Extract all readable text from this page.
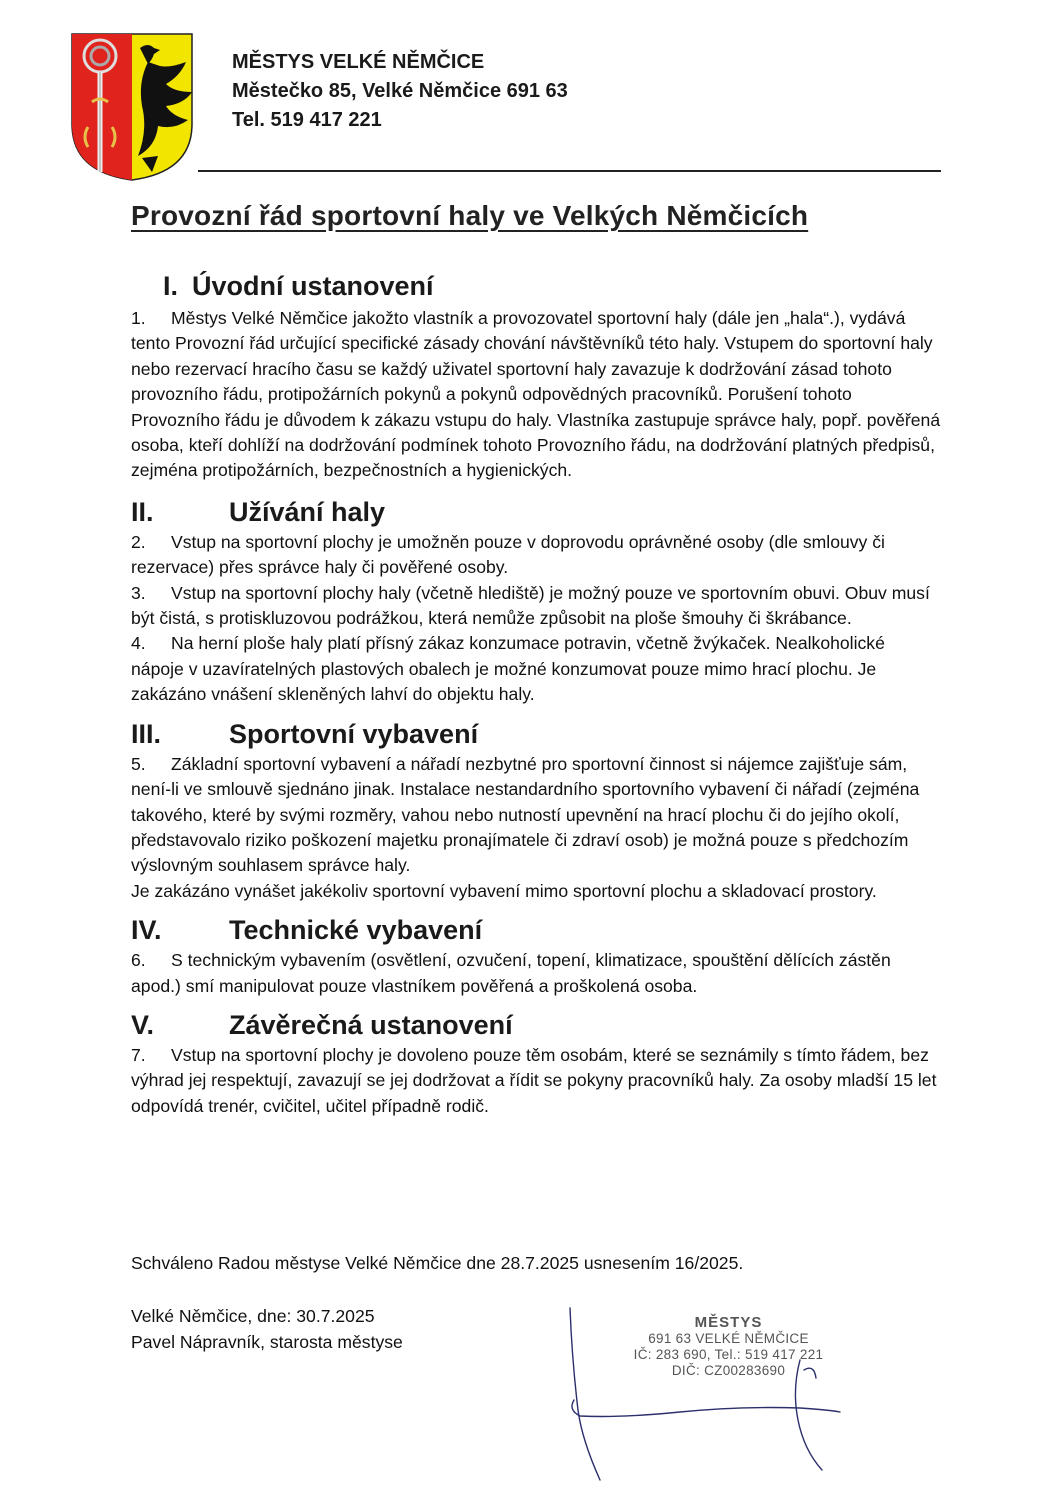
MĚSTYS VELKÉ NĚMČICE
Městečko 85, Velké Němčice 691 63
Tel. 519 417 221
Provozní řád sportovní haly ve Velkých Němčicích
I. Úvodní ustanovení

1. Městys Velké Němčice jakožto vlastník a provozovatel sportovní haly (dále jen „hala“.), vydává tento Provozní řád určující specifické zásady chování návštěvníků této haly. Vstupem do sportovní haly nebo rezervací hracího času se každý uživatel sportovní haly zavazuje k dodržování zásad tohoto provozního řádu, protipožárních pokynů a pokynů odpovědných pracovníků. Porušení tohoto Provozního řádu je důvodem k zákazu vstupu do haly. Vlastníka zastupuje správce haly, popř. pověřená osoba, kteří dohlíží na dodržování podmínek tohoto Provozního řádu, na dodržování platných předpisů, zejména protipožárních, bezpečnostních a hygienických.

II.	Užívání haly

2. Vstup na sportovní plochy je umožněn pouze v doprovodu oprávněné osoby (dle smlouvy či rezervace) přes správce haly či pověřené osoby.

3. Vstup na sportovní plochy haly (včetně hlediště) je možný pouze ve sportovním obuvi. Obuv musí být čistá, s protiskluzovou podrážkou, která nemůže způsobit na ploše šmouhy či škrábance.

4. Na herní ploše haly platí přísný zákaz konzumace potravin, včetně žvýkaček. Nealkoholické nápoje v uzavíratelných plastových obalech je možné konzumovat pouze mimo hrací plochu. Je zakázáno vnášení skleněných lahví do objektu haly.

III.	Sportovní vybavení

5. Základní sportovní vybavení a nářadí nezbytné pro sportovní činnost si nájemce zajišťuje sám, není-li ve smlouvě sjednáno jinak. Instalace nestandardního sportovního vybavení či nářadí (zejména takového, které by svými rozměry, vahou nebo nutností upevnění na hrací plochu či do jejího okolí, představovalo riziko poškození majetku pronajímatele či zdraví osob) je možná pouze s předchozím výslovným souhlasem správce haly.

Je zakázáno vynášet jakékoliv sportovní vybavení mimo sportovní plochu a skladovací prostory.

IV.	Technické vybavení

6. S technickým vybavením (osvětlení, ozvučení, topení, klimatizace, spouštění dělících zástěn apod.) smí manipulovat pouze vlastníkem pověřená a proškolená osoba.

V.	Závěrečná ustanovení

7. Vstup na sportovní plochy je dovoleno pouze těm osobám, které se seznámily s tímto řádem, bez výhrad jej respektují, zavazují se jej dodržovat a řídit se pokyny pracovníků haly. Za osoby mladší 15 let odpovídá trenér, cvičitel, učitel případně rodič.

Schváleno Radou městyse Velké Němčice dne 28.7.2025 usnesením 16/2025.
Velké Němčice, dne: 30.7.2025
Pavel Nápravník, starosta městyse
MĚSTYS
691 63 VELKÉ NĚMČICE
IČ: 283 690, Tel.: 519 417 221
DIČ: CZ00283690
